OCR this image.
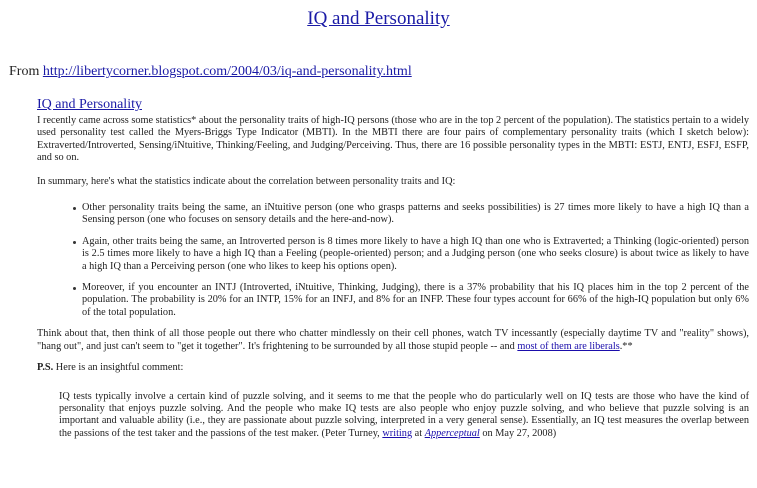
IQ and Personality
From http://libertycorner.blogspot.com/2004/03/iq-and-personality.html
IQ and Personality

I recently came across some statistics* about the personality traits of high-IQ persons (those who are in the top 2 percent of the population). The statistics pertain to a widely used personality test called the Myers-Briggs Type Indicator (MBTI). In the MBTI there are four pairs of complementary personality traits (which I sketch below): Extraverted/Introverted, Sensing/iNtuitive, Thinking/Feeling, and Judging/Perceiving. Thus, there are 16 possible personality types in the MBTI: ESTJ, ENTJ, ESFJ, ESFP, and so on.

In summary, here's what the statistics indicate about the correlation between personality traits and IQ:

Other personality traits being the same, an iNtuitive person (one who grasps patterns and seeks possibilities) is 27 times more likely to have a high IQ than a Sensing person (one who focuses on sensory details and the here-and-now).
Again, other traits being the same, an Introverted person is 8 times more likely to have a high IQ than one who is Extraverted; a Thinking (logic-oriented) person is 2.5 times more likely to have a high IQ than a Feeling (people-oriented) person; and a Judging person (one who seeks closure) is about twice as likely to have a high IQ than a Perceiving person (one who likes to keep his options open).
Moreover, if you encounter an INTJ (Introverted, iNtuitive, Thinking, Judging), there is a 37% probability that his IQ places him in the top 2 percent of the population. The probability is 20% for an INTP, 15% for an INFJ, and 8% for an INFP. These four types account for 66% of the high-IQ population but only 6% of the total population.

Think about that, then think of all those people out there who chatter mindlessly on their cell phones, watch TV incessantly (especially daytime TV and "reality" shows), "hang out", and just can't seem to "get it together". It's frightening to be surrounded by all those stupid people -- and most of them are liberals.**

P.S. Here is an insightful comment:

IQ tests typically involve a certain kind of puzzle solving, and it seems to me that the people who do particularly well on IQ tests are those who have the kind of personality that enjoys puzzle solving. And the people who make IQ tests are also people who enjoy puzzle solving, and who believe that puzzle solving is an important and valuable ability (i.e., they are passionate about puzzle solving, interpreted in a very general sense). Essentially, an IQ test measures the overlap between the passions of the test taker and the passions of the test maker. (Peter Turney, writing at Apperceptual on May 27, 2008)
